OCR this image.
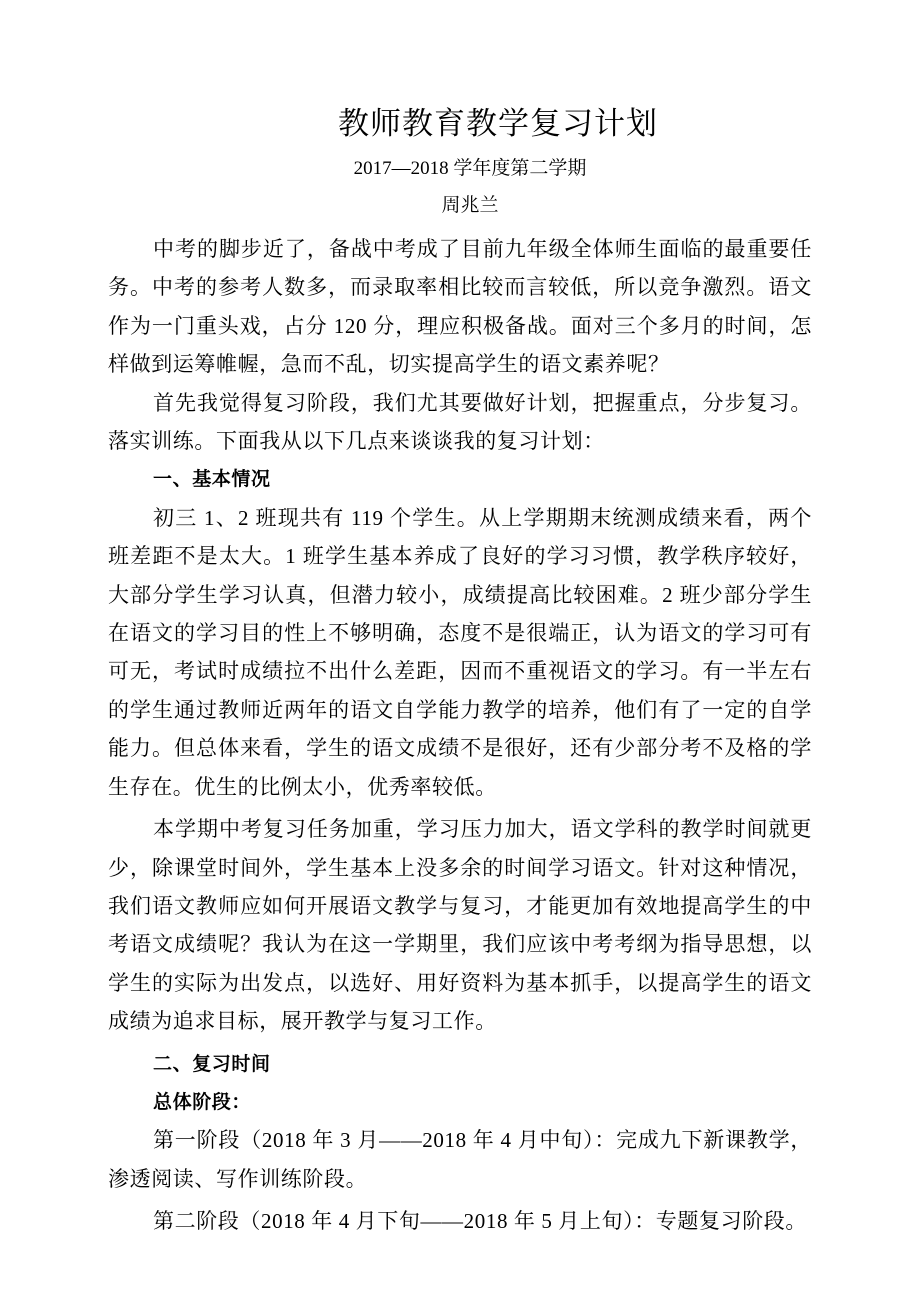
教师教育教学复习计划
2017—2018 学年度第二学期
周兆兰

中考的脚步近了，备战中考成了目前九年级全体师生面临的最重要任务。中考的参考人数多，而录取率相比较而言较低，所以竞争激烈。语文作为一门重头戏，占分 120 分，理应积极备战。面对三个多月的时间，怎样做到运筹帷幄，急而不乱，切实提高学生的语文素养呢？

首先我觉得复习阶段，我们尤其要做好计划，把握重点，分步复习。落实训练。下面我从以下几点来谈谈我的复习计划：

一、基本情况

初三 1、2 班现共有 119 个学生。从上学期期末统测成绩来看，两个班差距不是太大。1 班学生基本养成了良好的学习习惯，教学秩序较好，大部分学生学习认真，但潜力较小，成绩提高比较困难。2 班少部分学生在语文的学习目的性上不够明确，态度不是很端正，认为语文的学习可有可无，考试时成绩拉不出什么差距，因而不重视语文的学习。有一半左右的学生通过教师近两年的语文自学能力教学的培养，他们有了一定的自学能力。但总体来看，学生的语文成绩不是很好，还有少部分考不及格的学生存在。优生的比例太小，优秀率较低。

本学期中考复习任务加重，学习压力加大，语文学科的教学时间就更少，除课堂时间外，学生基本上没多余的时间学习语文。针对这种情况，我们语文教师应如何开展语文教学与复习，才能更加有效地提高学生的中考语文成绩呢？我认为在这一学期里，我们应该中考考纲为指导思想，以学生的实际为出发点，以选好、用好资料为基本抓手，以提高学生的语文成绩为追求目标，展开教学与复习工作。

二、复习时间

总体阶段：

第一阶段（2018 年 3 月——2018 年 4 月中旬）：完成九下新课教学，渗透阅读、写作训练阶段。

第二阶段（2018 年 4 月下旬——2018 年 5 月上旬）：专题复习阶段。
